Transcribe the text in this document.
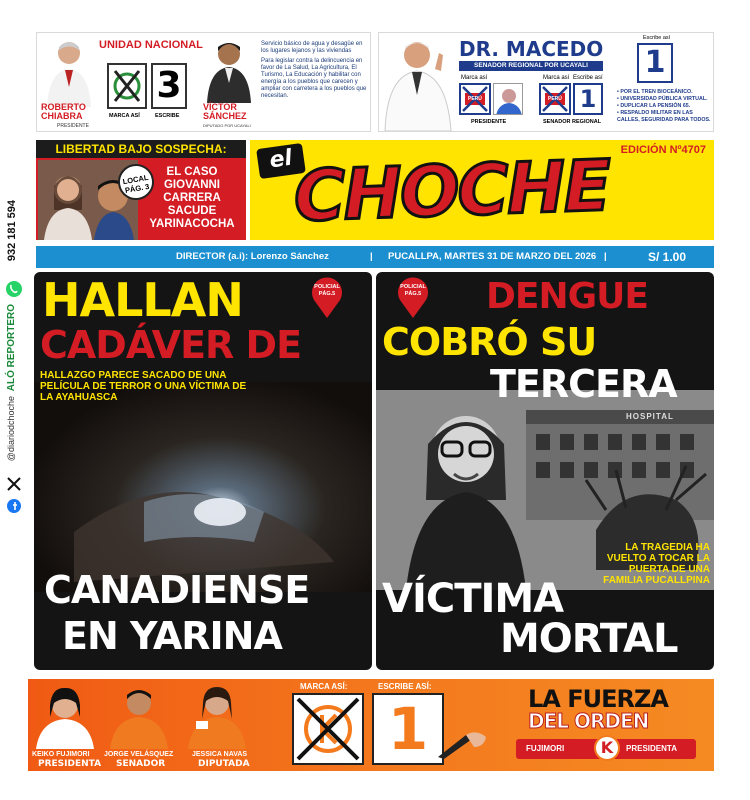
UNIDAD NACIONAL
ROBERTO CHIABRA
PRESIDENTE
3
MARCA ASÍ	ESCRIBE
VÍCTOR SÁNCHEZ
DIPUTADO POR UCAYALI
Servicio básico de agua y desagüe en los lugares lejanos y las viviendas
Para legislar contra la delincuencia en favor de La Salud, La Agricultura, El Turismo, La Educación y habilitar con energía a los pueblos que carecen y ampliar con carretera a los pueblos que necesitan.
DR. MACEDO
SENADOR REGIONAL POR UCAYALI
Marca así	Marca así Escribe así
PERÚ
PRESIDENTE
PERÚ 1
SENADOR REGIONAL
Escribe así
1
• POR EL TREN BIOCEÁNICO.
• UNIVERSIDAD PÚBLICA VIRTUAL.
• DUPLICAR LA PENSIÓN 65.
• RESPALDO MILITAR EN LAS CALLES, SEGURIDAD PARA TODOS.
LIBERTAD BAJO SOSPECHA:
LOCAL PÁG. 3
EL CASO GIOVANNI CARRERA SACUDE YARINACOCHA
el CHOCHE EDICIÓN Nº4707
DIRECTOR (a.i): Lorenzo Sánchez	| PUCALLPA, MARTES 31 DE MARZO DEL 2026 |	S/ 1.00
HALLAN
CADÁVER DE
POLICIAL PÁG.5
HALLAZGO PARECE SACADO DE UNA PELÍCULA DE TERROR O UNA VÍCTIMA DE LA AYAHUASCA
CANADIENSE
EN YARINA
HOSPITAL
POLICIAL PÁG.5 DENGUE
COBRÓ SU
TERCERA
LA TRAGEDIA HA VUELTO A TOCAR LA PUERTA DE UNA FAMILIA PUCALLPINA
VÍCTIMA
MORTAL
KEIKO FUJIMORI
PRESIDENTA
JORGE VELÁSQUEZ
SENADOR
JESSICA NAVAS
DIPUTADA
MARCA ASÍ:	ESCRIBE ASÍ:
1	LA FUERZA
DEL ORDEN
FUJIMORI K	PRESIDENTA
932 181 594
ALÓ REPORTERO
@diariodchoche
